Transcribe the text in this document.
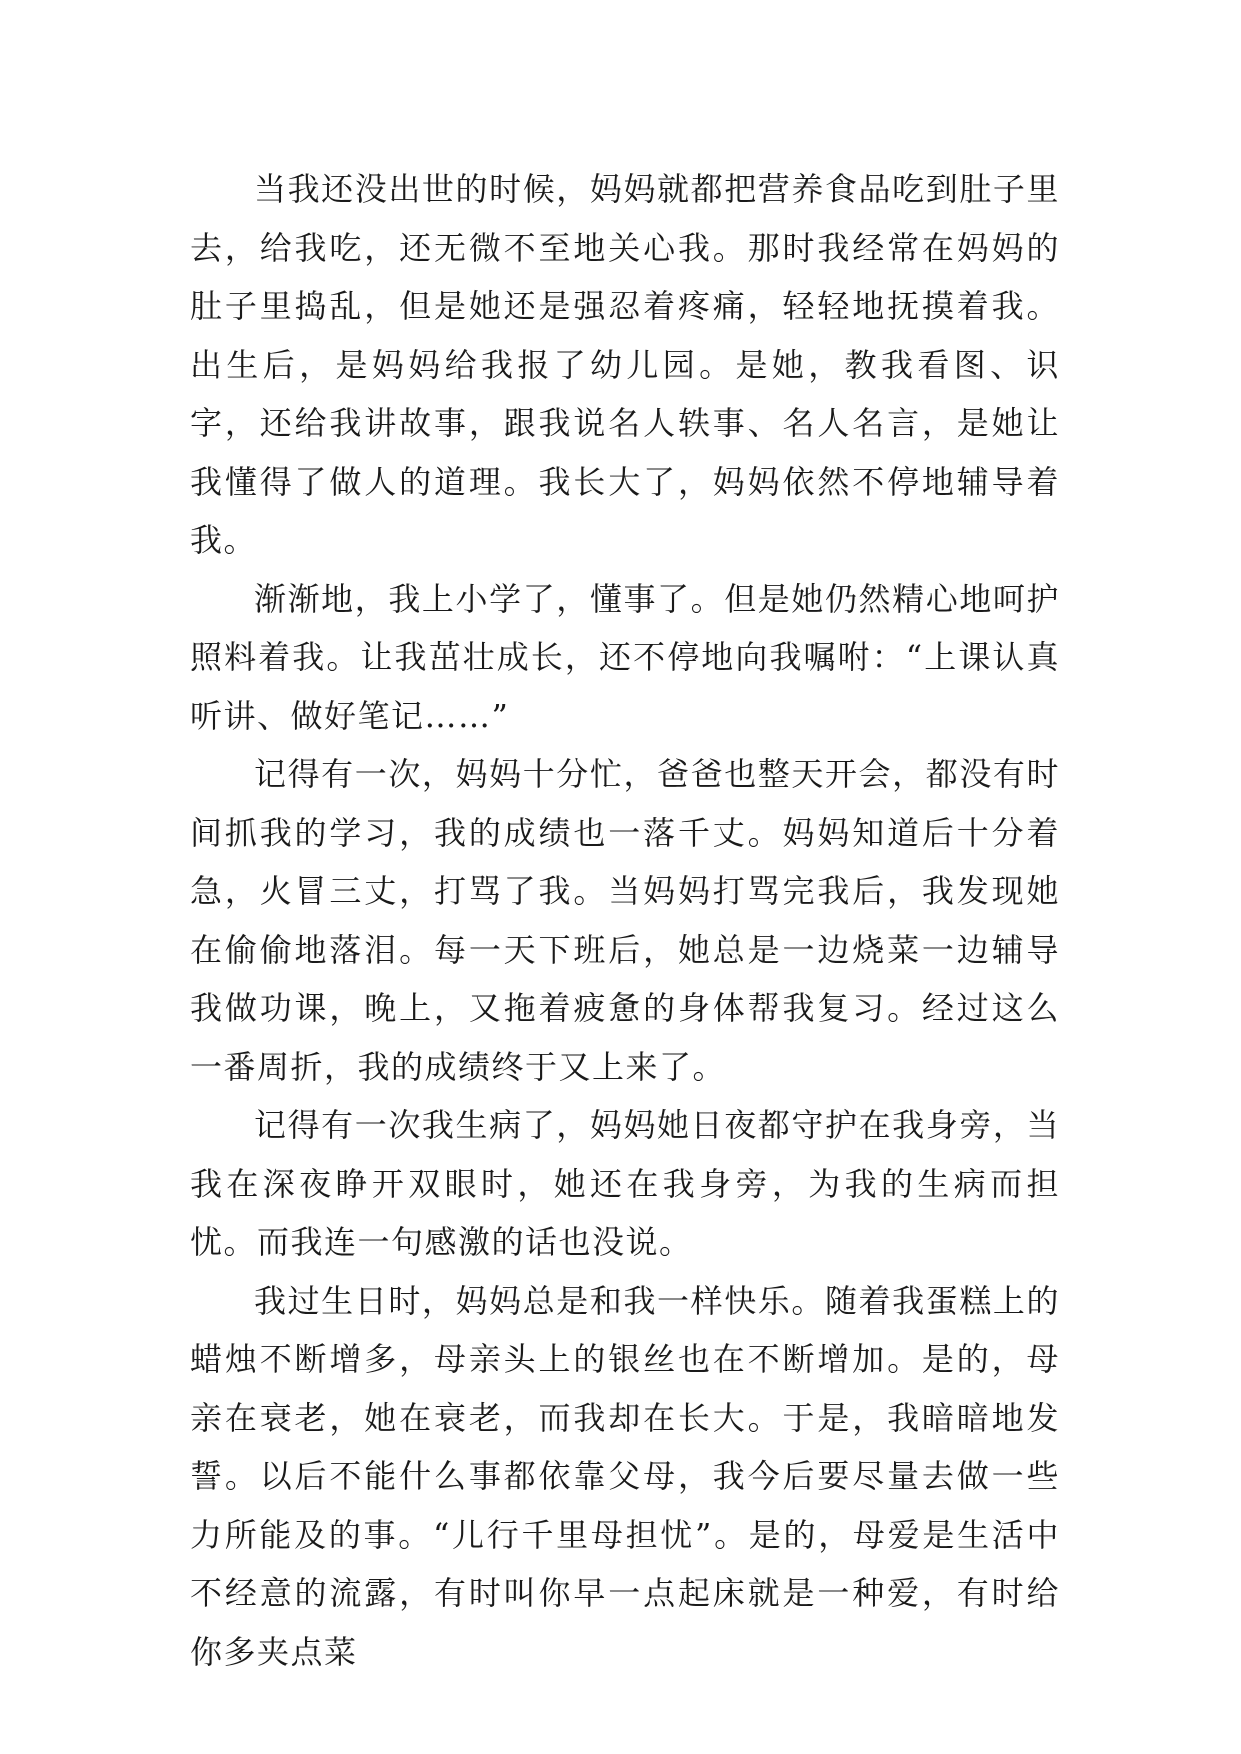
当我还没出世的时候，妈妈就都把营养食品吃到肚子里去，给我吃，还无微不至地关心我。那时我经常在妈妈的肚子里捣乱，但是她还是强忍着疼痛，轻轻地抚摸着我。出生后，是妈妈给我报了幼儿园。是她，教我看图、识字，还给我讲故事，跟我说名人轶事、名人名言，是她让我懂得了做人的道理。我长大了，妈妈依然不停地辅导着我。

渐渐地，我上小学了，懂事了。但是她仍然精心地呵护照料着我。让我茁壮成长，还不停地向我嘱咐：“上课认真听讲、做好笔记……”

记得有一次，妈妈十分忙，爸爸也整天开会，都没有时间抓我的学习，我的成绩也一落千丈。妈妈知道后十分着急，火冒三丈，打骂了我。当妈妈打骂完我后，我发现她在偷偷地落泪。每一天下班后，她总是一边烧菜一边辅导我做功课，晚上，又拖着疲惫的身体帮我复习。经过这么一番周折，我的成绩终于又上来了。

记得有一次我生病了，妈妈她日夜都守护在我身旁，当我在深夜睁开双眼时，她还在我身旁，为我的生病而担忧。而我连一句感激的话也没说。

我过生日时，妈妈总是和我一样快乐。随着我蛋糕上的蜡烛不断增多，母亲头上的银丝也在不断增加。是的，母亲在衰老，她在衰老，而我却在长大。于是，我暗暗地发誓。以后不能什么事都依靠父母，我今后要尽量去做一些力所能及的事。“儿行千里母担忧”。是的，母爱是生活中不经意的流露，有时叫你早一点起床就是一种爱，有时给你多夹点菜
